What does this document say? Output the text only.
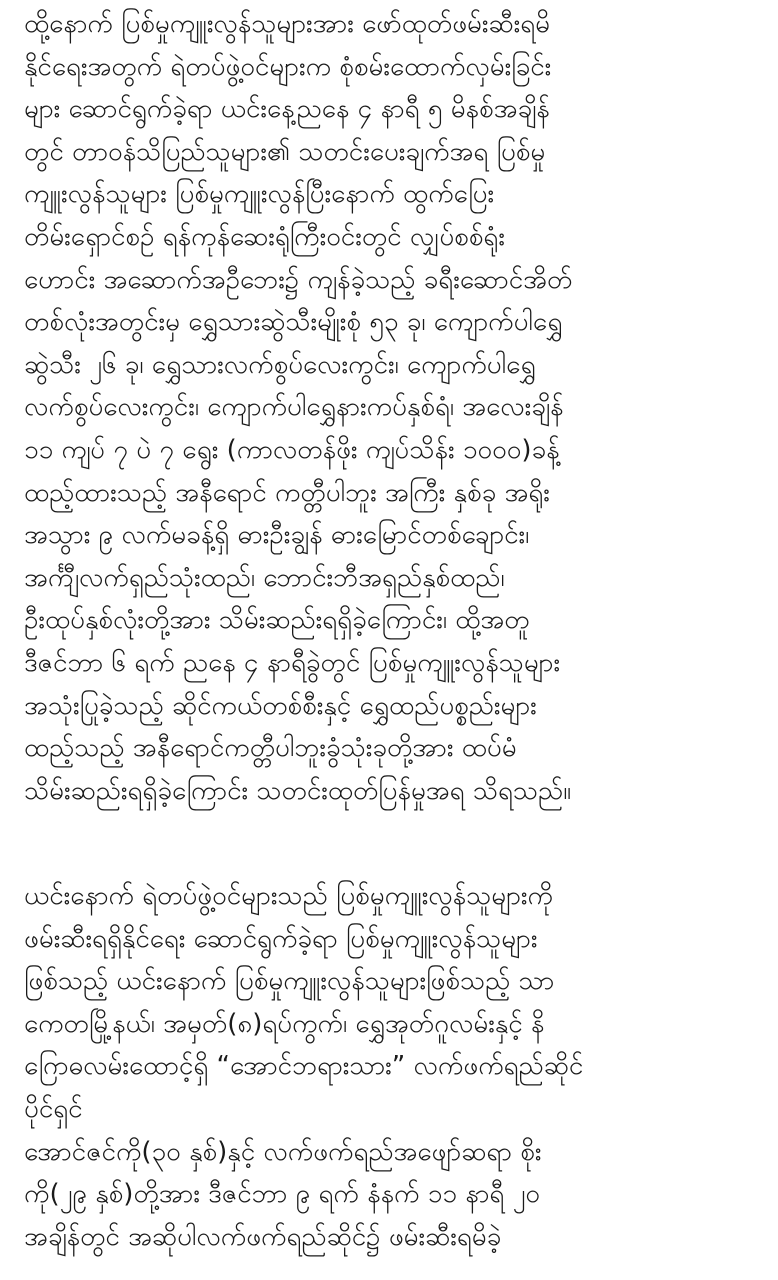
ထို့နောက် ပြစ်မှုကျူးလွန်သူများအား ဖော်ထုတ်ဖမ်းဆီးရမိ
နိုင်ရေးအတွက် ရဲတပ်ဖွဲ့ဝင်များက စုံစမ်းထောက်လှမ်းခြင်း
များ ဆောင်ရွက်ခဲ့ရာ ယင်းနေ့ညနေ ၄ နာရီ ၅ မိနစ်အချိန်
တွင် တာဝန်သိပြည်သူများ၏ သတင်းပေးချက်အရ ပြစ်မှု
ကျူးလွန်သူများ ပြစ်မှုကျူးလွန်ပြီးနောက် ထွက်ပြေး
တိမ်းရှောင်စဉ် ရန်ကုန်ဆေးရုံကြီးဝင်းတွင် လျှပ်စစ်ရုံး
ဟောင်း အဆောက်အဦဘေး၌ ကျန်ခဲ့သည့် ခရီးဆောင်အိတ်
တစ်လုံးအတွင်းမှ ရွှေသားဆွဲသီးမျိုးစုံ ၅၃ ခု၊ ကျောက်ပါရွှေ
ဆွဲသီး ၂၆ ခု၊ ရွှေသားလက်စွပ်လေးကွင်း၊ ကျောက်ပါရွှေ
လက်စွပ်လေးကွင်း၊ ကျောက်ပါရွှေနားကပ်နှစ်ရံ၊ အလေးချိန်
၁၁ ကျပ် ၇ ပဲ ၇ ရွေး (ကာလတန်ဖိုး ကျပ်သိန်း ၁၀၀၀)ခန့်
ထည့်ထားသည့် အနီရောင် ကတ္တီပါဘူး အကြီး နှစ်ခု အရိုး
အသွား ၉ လက်မခန့်ရှိ ဓားဦးချွန် ဓားမြောင်တစ်ချောင်း၊
အင်္ကျီလက်ရှည်သုံးထည်၊ ဘောင်းဘီအရှည်နှစ်ထည်၊
ဦးထုပ်နှစ်လုံးတို့အား သိမ်းဆည်းရရှိခဲ့ကြောင်း၊ ထို့အတူ
ဒီဇင်ဘာ ၆ ရက် ညနေ ၄ နာရီခွဲတွင် ပြစ်မှုကျူးလွန်သူများ
အသုံးပြုခဲ့သည့် ဆိုင်ကယ်တစ်စီးနှင့် ရွှေထည်ပစ္စည်းများ
ထည့်သည့် အနီရောင်ကတ္တီပါဘူးခွံသုံးခုတို့အား ထပ်မံ
သိမ်းဆည်းရရှိခဲ့ကြောင်း သတင်းထုတ်ပြန်မှုအရ သိရသည်။
ယင်းနောက် ရဲတပ်ဖွဲ့ဝင်များသည် ပြစ်မှုကျူးလွန်သူများကို
ဖမ်းဆီးရရှိနိုင်ရေး ဆောင်ရွက်ခဲ့ရာ ပြစ်မှုကျူးလွန်သူများ
ဖြစ်သည့် ယင်းနောက် ပြစ်မှုကျူးလွန်သူများဖြစ်သည့် သာ
ကေတမြို့နယ်၊ အမှတ်(၈)ရပ်ကွက်၊ ရွှေအုတ်ဂူလမ်းနှင့် နိ
ဂြောဓလမ်းထောင့်ရှိ “အောင်ဘရားသား” လက်ဖက်ရည်ဆိုင်
ပိုင်ရှင်
အောင်ဇင်ကို(၃၀ နှစ်)နှင့် လက်ဖက်ရည်အဖျော်ဆရာ စိုး
ကို(၂၉ နှစ်)တို့အား ဒီဇင်ဘာ ၉ ရက် နံနက် ၁၁ နာရီ ၂၀
အချိန်တွင် အဆိုပါလက်ဖက်ရည်ဆိုင်၌ ဖမ်းဆီးရမိခဲ့
